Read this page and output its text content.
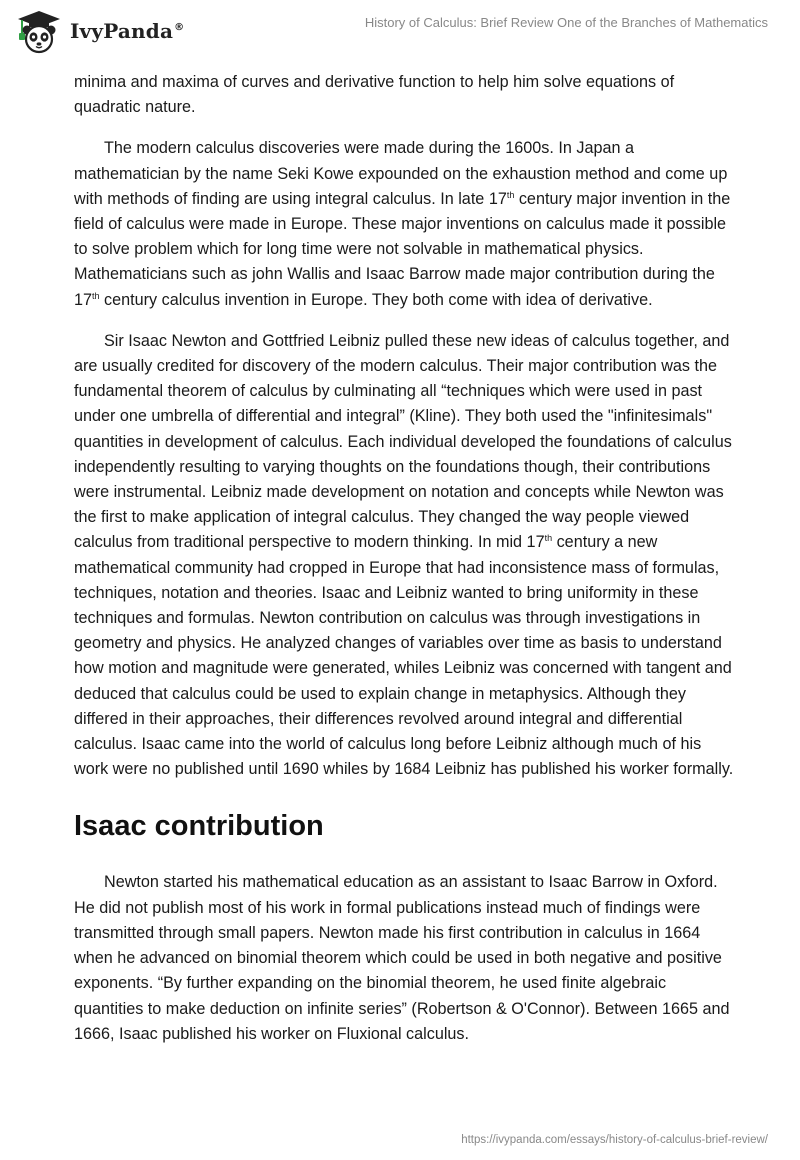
IvyPanda®	History of Calculus: Brief Review One of the Branches of Mathematics

minima and maxima of curves and derivative function to help him solve equations of quadratic nature.

The modern calculus discoveries were made during the 1600s. In Japan a mathematician by the name Seki Kowe expounded on the exhaustion method and come up with methods of finding are using integral calculus. In late 17th century major invention in the field of calculus were made in Europe. These major inventions on calculus made it possible to solve problem which for long time were not solvable in mathematical physics. Mathematicians such as john Wallis and Isaac Barrow made major contribution during the 17th century calculus invention in Europe. They both come with idea of derivative.

Sir Isaac Newton and Gottfried Leibniz pulled these new ideas of calculus together, and are usually credited for discovery of the modern calculus. Their major contribution was the fundamental theorem of calculus by culminating all “techniques which were used in past under one umbrella of differential and integral” (Kline). They both used the "infinitesimals" quantities in development of calculus. Each individual developed the foundations of calculus independently resulting to varying thoughts on the foundations though, their contributions were instrumental. Leibniz made development on notation and concepts while Newton was the first to make application of integral calculus. They changed the way people viewed calculus from traditional perspective to modern thinking. In mid 17th century a new mathematical community had cropped in Europe that had inconsistence mass of formulas, techniques, notation and theories. Isaac and Leibniz wanted to bring uniformity in these techniques and formulas. Newton contribution on calculus was through investigations in geometry and physics. He analyzed changes of variables over time as basis to understand how motion and magnitude were generated, whiles Leibniz was concerned with tangent and deduced that calculus could be used to explain change in metaphysics. Although they differed in their approaches, their differences revolved around integral and differential calculus. Isaac came into the world of calculus long before Leibniz although much of his work were no published until 1690 whiles by 1684 Leibniz has published his worker formally.

Isaac contribution

Newton started his mathematical education as an assistant to Isaac Barrow in Oxford. He did not publish most of his work in formal publications instead much of findings were transmitted through small papers. Newton made his first contribution in calculus in 1664 when he advanced on binomial theorem which could be used in both negative and positive exponents. “By further expanding on the binomial theorem, he used finite algebraic quantities to make deduction on infinite series” (Robertson & O'Connor). Between 1665 and 1666, Isaac published his worker on Fluxional calculus.

https://ivypanda.com/essays/history-of-calculus-brief-review/
